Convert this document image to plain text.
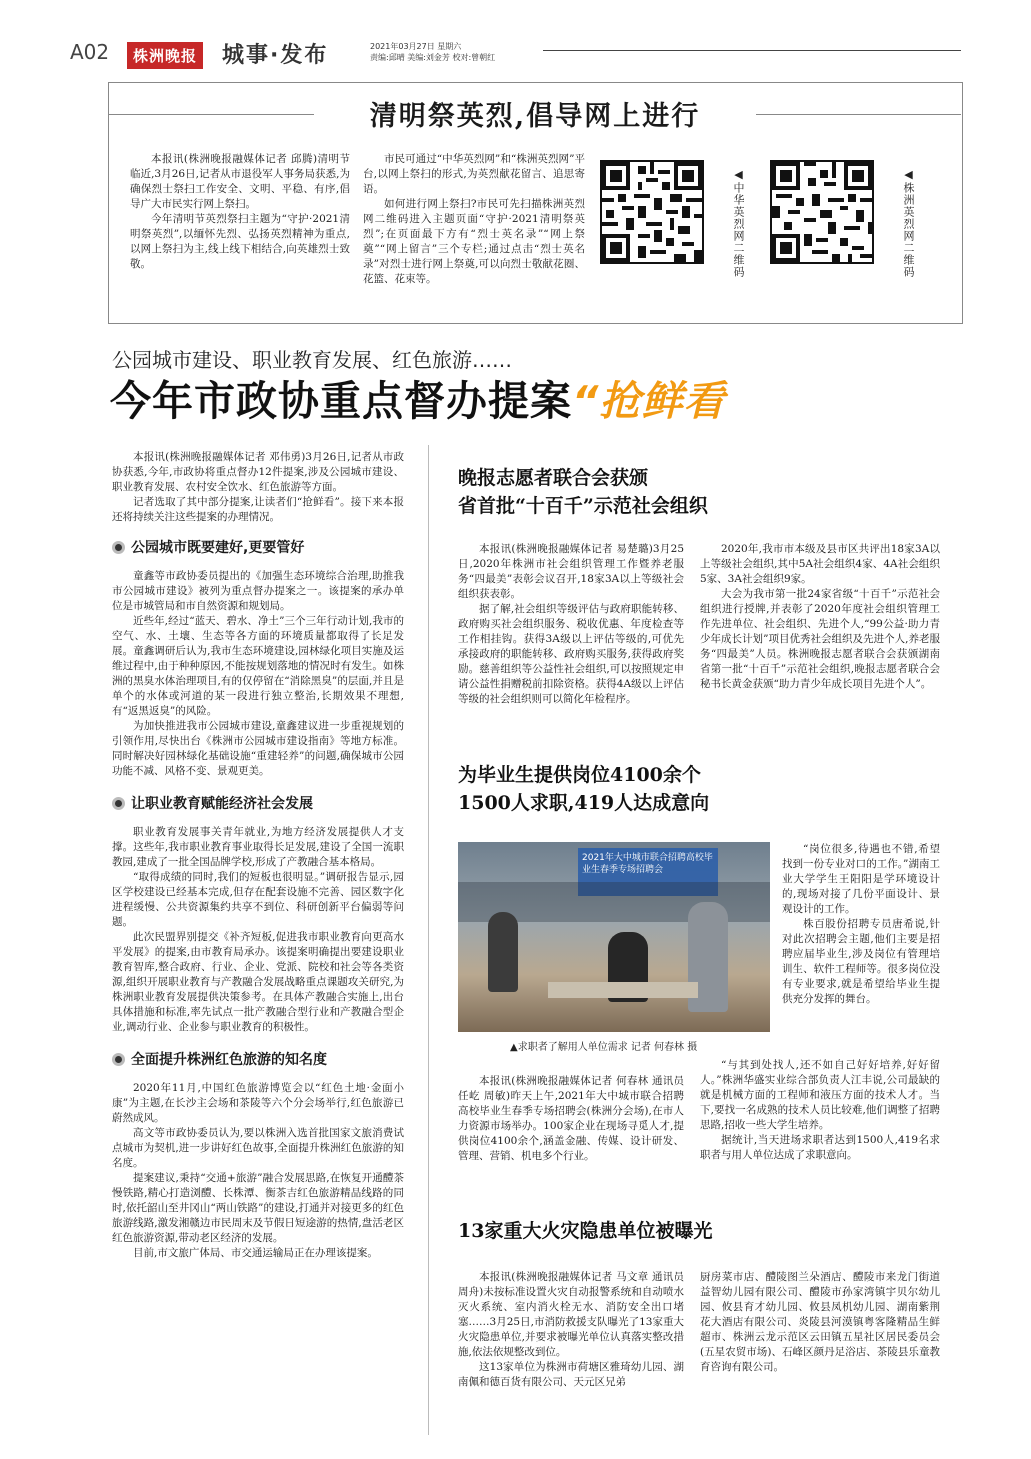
A02	株洲晚报 城事·发布	2021年03月27日 星期六
责编:邱晴 美编:刘金芳 校对:曾朝红
清明祭英烈,倡导网上进行

本报讯(株洲晚报融媒体记者 邱腾)清明节临近,3月26日,记者从市退役军人事务局获悉,为确保烈士祭扫工作安全、文明、平稳、有序,倡导广大市民实行网上祭扫。

今年清明节英烈祭扫主题为“守护·2021清明祭英烈”,以缅怀先烈、弘扬英烈精神为重点,以网上祭扫为主,线上线下相结合,向英雄烈士致敬。

市民可通过“中华英烈网”和“株洲英烈网”平台,以网上祭扫的形式,为英烈献花留言、追思寄语。

如何进行网上祭扫?市民可先扫描株洲英烈网二维码进入主题页面“守护·2021清明祭英烈”;在页面最下方有“烈士英名录”“网上祭奠”“网上留言”三个专栏;通过点击“烈士英名录”对烈士进行网上祭奠,可以向烈士敬献花圈、花篮、花束等。

◀中华英烈网二维码	◀株洲英烈网二维码
公园城市建设、职业教育发展、红色旅游……
今年市政协重点督办提案“抢鲜看

本报讯(株洲晚报融媒体记者 邓伟勇)3月26日,记者从市政协获悉,今年,市政协将重点督办12件提案,涉及公园城市建设、职业教育发展、农村安全饮水、红色旅游等方面。

记者选取了其中部分提案,让读者们“抢鲜看”。接下来本报还将持续关注这些提案的办理情况。

公园城市既要建好,更要管好

童鑫等市政协委员提出的《加强生态环境综合治理,助推我市公园城市建设》被列为重点督办提案之一。该提案的承办单位是市城管局和市自然资源和规划局。

近些年,经过“蓝天、碧水、净土”三个三年行动计划,我市的空气、水、土壤、生态等各方面的环境质量都取得了长足发展。童鑫调研后认为,我市生态环境建设,园林绿化项目实施及运维过程中,由于种种原因,不能按规划落地的情况时有发生。如株洲的黑臭水体治理项目,有的仅停留在“消除黑臭”的层面,并且是单个的水体或河道的某一段进行独立整治,长期效果不理想,有“返黑返臭”的风险。

为加快推进我市公园城市建设,童鑫建议进一步重视规划的引领作用,尽快出台《株洲市公园城市建设指南》等地方标准。同时解决好园林绿化基础设施“重建轻养”的问题,确保城市公园功能不减、风格不变、景观更美。

让职业教育赋能经济社会发展

职业教育发展事关青年就业,为地方经济发展提供人才支撑。这些年,我市职业教育事业取得长足发展,建设了全国一流职教园,建成了一批全国品牌学校,形成了产教融合基本格局。

“取得成绩的同时,我们的短板也很明显。”调研报告显示,园区学校建设已经基本完成,但存在配套设施不完善、园区数字化进程缓慢、公共资源集约共享不到位、科研创新平台偏弱等问题。

此次民盟界别提交《补齐短板,促进我市职业教育向更高水平发展》的提案,由市教育局承办。该提案明确提出要建设职业教育智库,整合政府、行业、企业、党派、院校和社会等各类资源,组织开展职业教育与产教融合发展战略重点课题攻关研究,为株洲职业教育发展提供决策参考。在具体产教融合实施上,出台具体措施和标准,率先试点一批产教融合型行业和产教融合型企业,调动行业、企业参与职业教育的积极性。

全面提升株洲红色旅游的知名度

2020年11月,中国红色旅游博览会以“红色土地·金面小康”为主题,在长沙主会场和茶陵等六个分会场举行,红色旅游已蔚然成风。

高文等市政协委员认为,要以株洲入选首批国家文旅消费试点城市为契机,进一步讲好红色故事,全面提升株洲红色旅游的知名度。

提案建议,秉持“交通+旅游”融合发展思路,在恢复开通醴茶慢铁路,精心打造浏醴、长株潭、衡茶吉红色旅游精品线路的同时,依托韶山至井冈山“两山铁路”的建设,打通并对接更多的红色旅游线路,激发湘赣边市民周末及节假日短途游的热情,盘活老区红色旅游资源,带动老区经济的发展。

目前,市文旅广体局、市交通运输局正在办理该提案。

晚报志愿者联合会获颁
省首批“十百千”示范社会组织

本报讯(株洲晚报融媒体记者 易楚璐)3月25日,2020年株洲市社会组织管理工作暨养老服务“四最美”表彰会议召开,18家3A以上等级社会组织获表彰。

据了解,社会组织等级评估与政府职能转移、政府购买社会组织服务、税收优惠、年度检查等工作相挂钩。获得3A级以上评估等级的,可优先承接政府的职能转移、政府购买服务,获得政府奖励。慈善组织等公益性社会组织,可以按照规定申请公益性捐赠税前扣除资格。获得4A级以上评估等级的社会组织则可以简化年检程序。

2020年,我市市本级及县市区共评出18家3A以上等级社会组织,其中5A社会组织4家、4A社会组织5家、3A社会组织9家。

大会为我市第一批24家省级“十百千”示范社会组织进行授牌,并表彰了2020年度社会组织管理工作先进单位、社会组织、先进个人,“99公益·助力青少年成长计划”项目优秀社会组织及先进个人,养老服务“四最美”人员。株洲晚报志愿者联合会获颁湖南省第一批“十百千”示范社会组织,晚报志愿者联合会秘书长黄金获颁“助力青少年成长项目先进个人”。

为毕业生提供岗位4100余个
1500人求职,419人达成意向
2021年大中城市联合招聘高校毕业生春季专场招聘会
▲求职者了解用人单位需求 记者 何春林 摄

“岗位很多,待遇也不错,希望找到一份专业对口的工作。”湖南工业大学学生王阳阳是学环境设计的,现场对接了几份平面设计、景观设计的工作。

株百股份招聘专员唐希说,针对此次招聘会主题,他们主要是招聘应届毕业生,涉及岗位有管理培训生、软件工程师等。很多岗位没有专业要求,就是希望给毕业生提供充分发挥的舞台。

本报讯(株洲晚报融媒体记者 何春林 通讯员 任屹 周敏)昨天上午,2021年大中城市联合招聘高校毕业生春季专场招聘会(株洲分会场),在市人力资源市场举办。100家企业在现场寻觅人才,提供岗位4100余个,涵盖金融、传媒、设计研发、管理、营销、机电多个行业。

“与其到处找人,还不如自己好好培养,好好留人。”株洲华盛实业综合部负责人江丰说,公司最缺的就是机械方面的工程师和液压方面的技术人才。当下,要找一名成熟的技术人员比较难,他们调整了招聘思路,招收一些大学生培养。

据统计,当天进场求职者达到1500人,419名求职者与用人单位达成了求职意向。

13家重大火灾隐患单位被曝光

本报讯(株洲晚报融媒体记者 马文章 通讯员 周舟)未按标准设置火灾自动报警系统和自动喷水灭火系统、室内消火栓无水、消防安全出口堵塞……3月25日,市消防救援支队曝光了13家重大火灾隐患单位,并要求被曝光单位认真落实整改措施,依法依规整改到位。

这13家单位为株洲市荷塘区雅琦幼儿园、湖南佩和德百货有限公司、天元区兄弟

厨房菜市店、醴陵图兰朵酒店、醴陵市来龙门街道益智幼儿园有限公司、醴陵市孙家湾镇宇贝尔幼儿园、攸县育才幼儿园、攸县凤机幼儿园、湖南紫荆花大酒店有限公司、炎陵县河漠镇粤客隆精品生鲜超市、株洲云龙示范区云田镇五星社区居民委员会(五星农贸市场)、石峰区颜丹足浴店、茶陵县乐童教育咨询有限公司。
